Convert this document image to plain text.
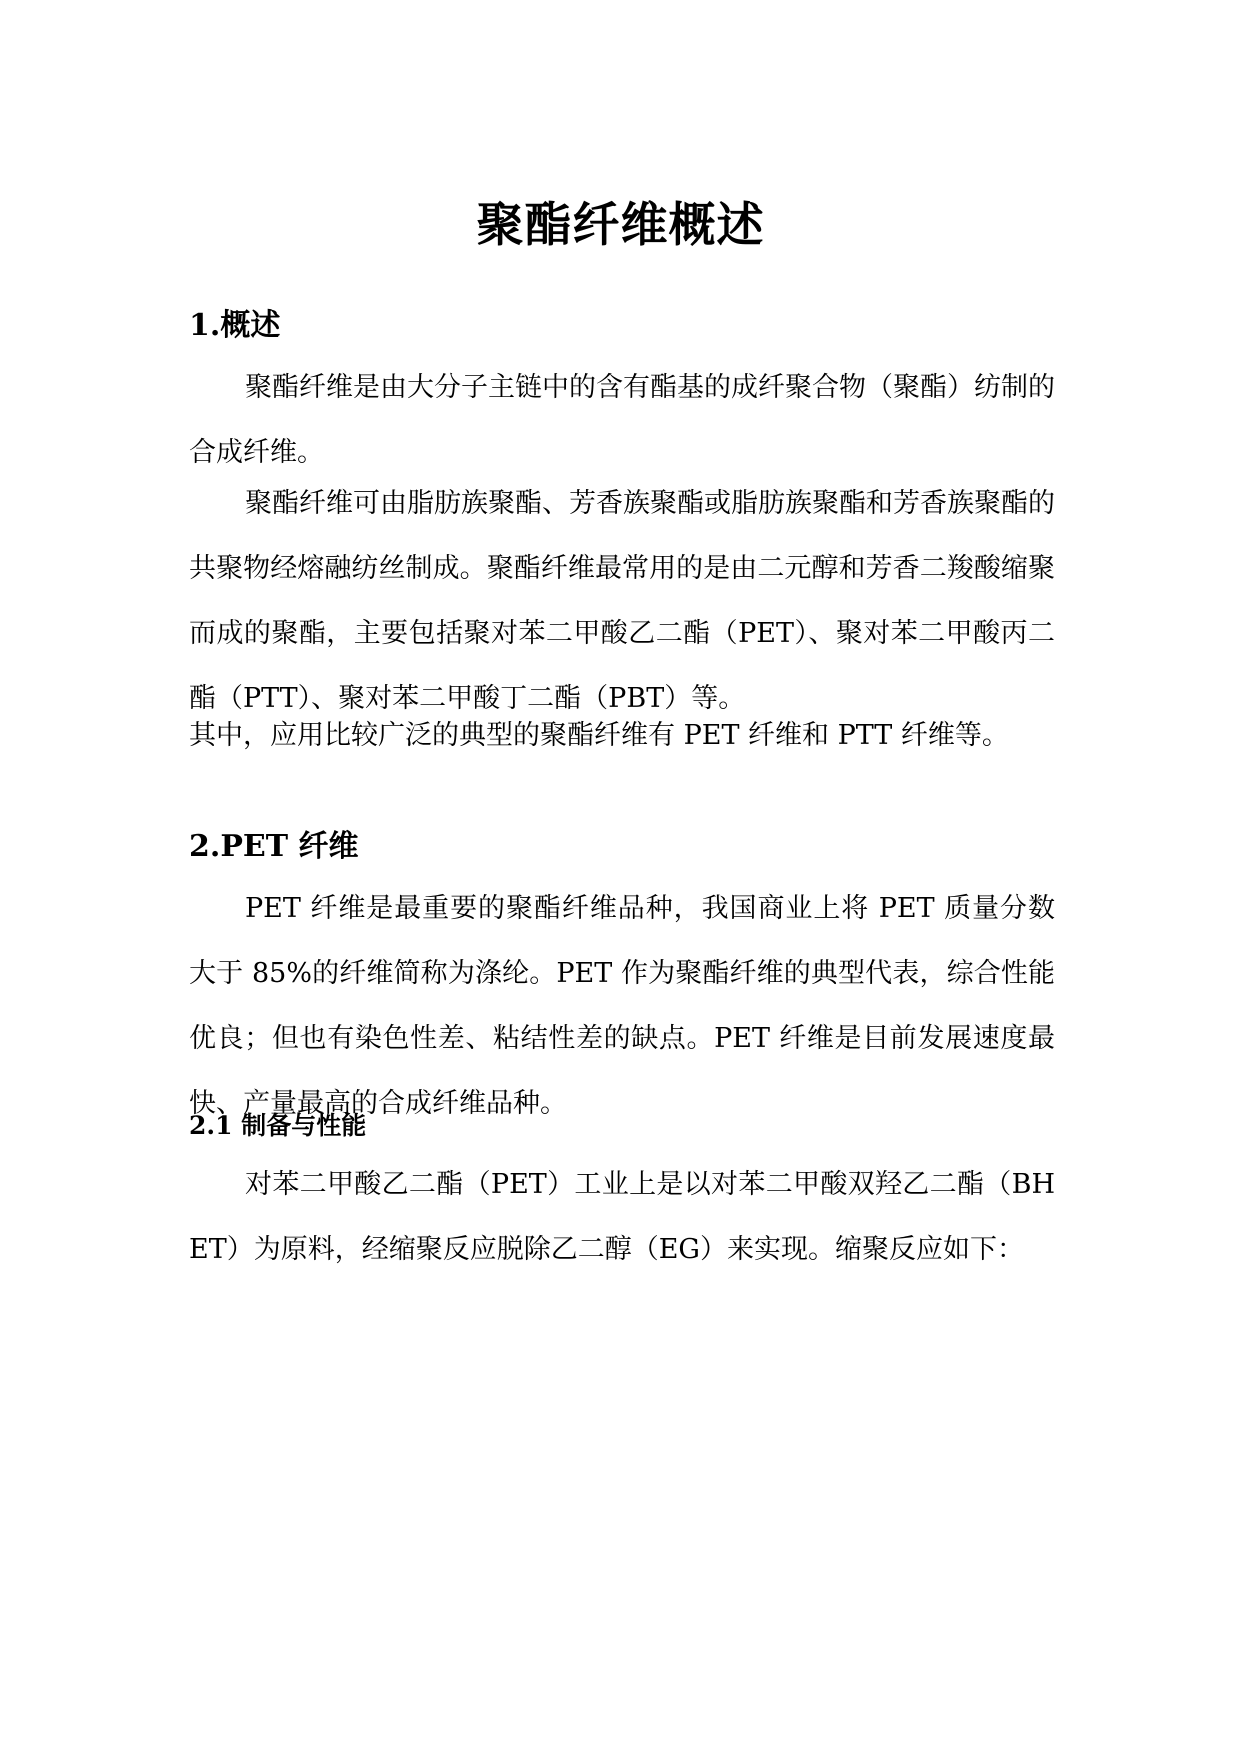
聚酯纤维概述
1.概述

聚酯纤维是由大分子主链中的含有酯基的成纤聚合物（聚酯）纺制的合成纤维。

聚酯纤维可由脂肪族聚酯、芳香族聚酯或脂肪族聚酯和芳香族聚酯的共聚物经熔融纺丝制成。聚酯纤维最常用的是由二元醇和芳香二羧酸缩聚而成的聚酯，主要包括聚对苯二甲酸乙二酯（PET）、聚对苯二甲酸丙二酯（PTT）、聚对苯二甲酸丁二酯（PBT）等。

其中，应用比较广泛的典型的聚酯纤维有 PET 纤维和 PTT 纤维等。

2.PET 纤维

PET 纤维是最重要的聚酯纤维品种，我国商业上将 PET 质量分数大于 85%的纤维简称为涤纶。PET 作为聚酯纤维的典型代表，综合性能优良；但也有染色性差、粘结性差的缺点。PET 纤维是目前发展速度最快、产量最高的合成纤维品种。

2.1 制备与性能

对苯二甲酸乙二酯（PET）工业上是以对苯二甲酸双羟乙二酯（BHET）为原料，经缩聚反应脱除乙二醇（EG）来实现。缩聚反应如下：
